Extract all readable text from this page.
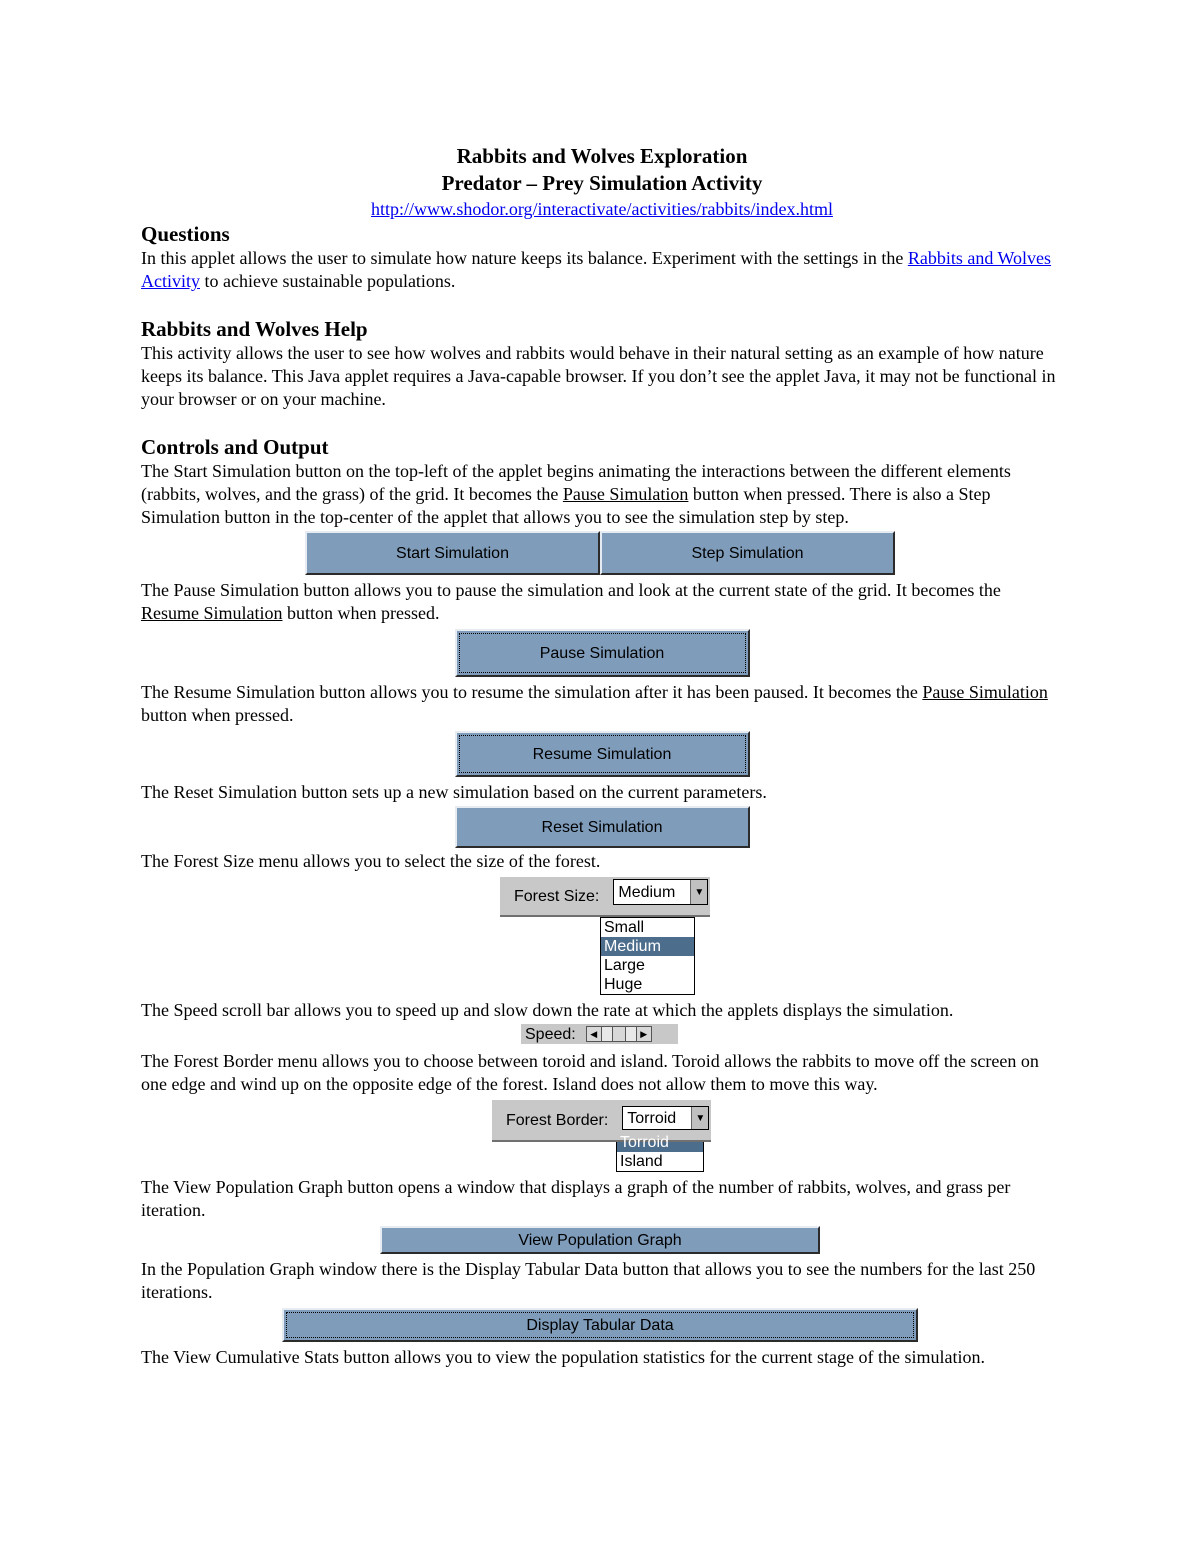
Rabbits and Wolves Exploration
Predator – Prey Simulation Activity
http://www.shodor.org/interactivate/activities/rabbits/index.html
Questions

In this applet allows the user to simulate how nature keeps its balance. Experiment with the settings in the Rabbits and Wolves Activity to achieve sustainable populations.

Rabbits and Wolves Help

This activity allows the user to see how wolves and rabbits would behave in their natural setting as an example of how nature keeps its balance. This Java applet requires a Java-capable browser. If you don’t see the applet Java, it may not be functional in your browser or on your machine.

Controls and Output

The Start Simulation button on the top-left of the applet begins animating the interactions between the different elements (rabbits, wolves, and the grass) of the grid. It becomes the Pause Simulation button when pressed. There is also a Step Simulation button in the top-center of the applet that allows you to see the simulation step by step.

Start Simulation	Step Simulation

The Pause Simulation button allows you to pause the simulation and look at the current state of the grid. It becomes the Resume Simulation button when pressed.

Pause Simulation

The Resume Simulation button allows you to resume the simulation after it has been paused. It becomes the Pause Simulation button when pressed.

Resume Simulation

The Reset Simulation button sets up a new simulation based on the current parameters.

Reset Simulation

The Forest Size menu allows you to select the size of the forest.

Forest Size:	Medium	▼
Small
Medium
Large
Huge

The Speed scroll bar allows you to speed up and slow down the rate at which the applets displays the simulation.

Speed:	◀	▶

The Forest Border menu allows you to choose between toroid and island. Toroid allows the rabbits to move off the screen on one edge and wind up on the opposite edge of the forest. Island does not allow them to move this way.

Forest Border:	Torroid	▼
Torroid
Island

The View Population Graph button opens a window that displays a graph of the number of rabbits, wolves, and grass per iteration.

View Population Graph

In the Population Graph window there is the Display Tabular Data button that allows you to see the numbers for the last 250 iterations.

Display Tabular Data

The View Cumulative Stats button allows you to view the population statistics for the current stage of the simulation.
